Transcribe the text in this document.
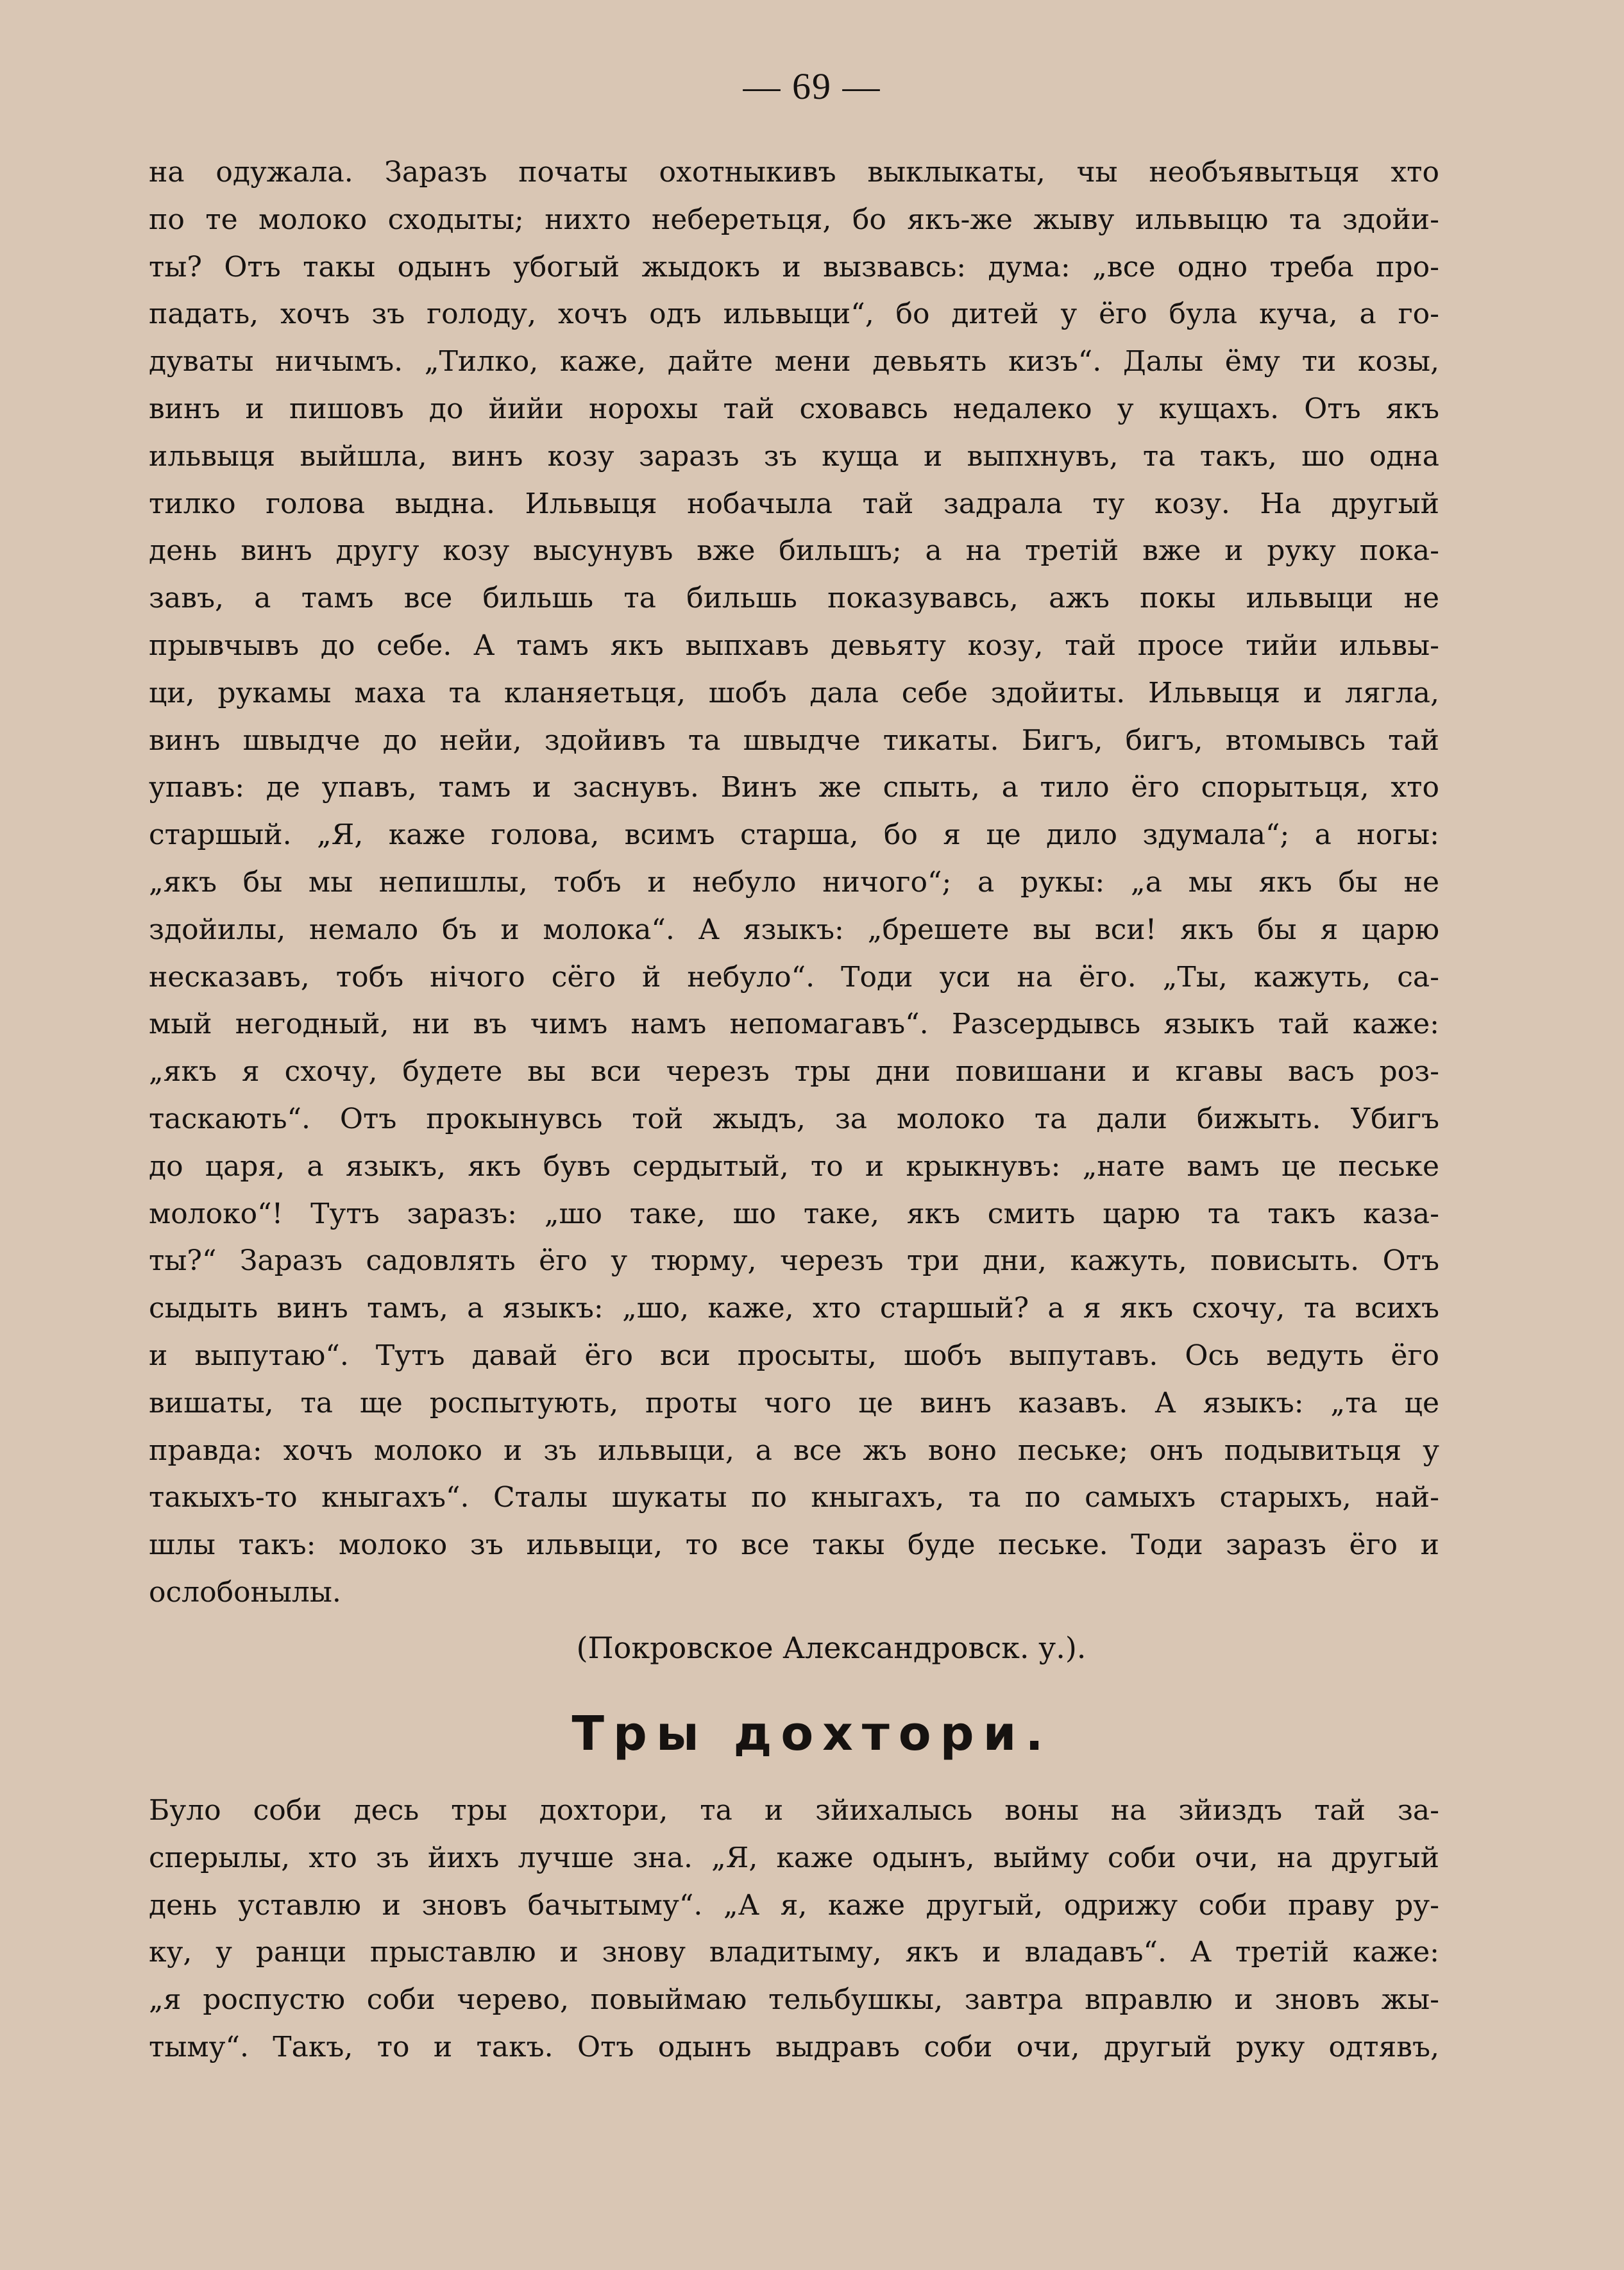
— 69 —
на одужала. Заразъ початы охотныкивъ выклыкаты, чы необъявытьця хто
по те молоко сходыты; нихто неберетьця, бо якъ-же жыву ильвыцю та здойи-
ты? Отъ такы одынъ убогый жыдокъ и вызвавсь: дума: „все одно треба про-
падать, хочъ зъ голоду, хочъ одъ ильвыци“, бо дитей у ёго була куча, а го-
дуваты ничымъ. „Тилко, каже, дайте мени девьять кизъ“. Далы ёму ти козы,
винъ и пишовъ до йийи норохы тай сховавсь недалеко у кущахъ. Отъ якъ
ильвыця выйшла, винъ козу заразъ зъ куща и выпхнувъ, та такъ, шо одна
тилко голова выдна. Ильвыця нобачыла тай задрала ту козу. На другый
день винъ другу козу высунувъ вже бильшъ; а на третій вже и руку пока-
завъ, а тамъ все бильшь та бильшь показувавсь, ажъ покы ильвыци не
прывчывъ до себе. А тамъ якъ выпхавъ девьяту козу, тай просе тийи ильвы-
ци, рукамы маха та кланяетьця, шобъ дала себе здойиты. Ильвыця и лягла,
винъ швыдче до нейи, здойивъ та швыдче тикаты. Бигъ, бигъ, втомывсь тай
упавъ: де упавъ, тамъ и заснувъ. Винъ же спыть, а тило ёго спорытьця, хто
старшый. „Я, каже голова, всимъ старша, бо я це дило здумала“; а ногы:
„якъ бы мы непишлы, тобъ и небуло ничого“; а рукы: „а мы якъ бы не
здойилы, немало бъ и молока“. А языкъ: „брешете вы вси! якъ бы я царю
несказавъ, тобъ нічого сёго й небуло“. Тоди уси на ёго. „Ты, кажуть, са-
мый негодный, ни въ чимъ намъ непомагавъ“. Разсердывсь языкъ тай каже:
„якъ я схочу, будете вы вси черезъ тры дни повишани и кгавы васъ роз-
таскають“. Отъ прокынувсь той жыдъ, за молоко та дали бижыть. Убигъ
до царя, а языкъ, якъ бувъ сердытый, то и крыкнувъ: „нате вамъ це пеське
молоко“! Тутъ заразъ: „шо таке, шо таке, якъ смить царю та такъ каза-
ты?“ Заразъ садовлять ёго у тюрму, черезъ три дни, кажуть, повисыть. Отъ
сыдыть винъ тамъ, а языкъ: „шо, каже, хто старшый? а я якъ схочу, та всихъ
и выпутаю“. Тутъ давай ёго вси просыты, шобъ выпутавъ. Ось ведуть ёго
вишаты, та ще роспытують, проты чого це винъ казавъ. А языкъ: „та це
правда: хочъ молоко и зъ ильвыци, а все жъ воно пеське; онъ подывитьця у
такыхъ-то кныгахъ“. Сталы шукаты по кныгахъ, та по самыхъ старыхъ, най-
шлы такъ: молоко зъ ильвыци, то все такы буде пеське. Тоди заразъ ёго и
ослобонылы.
(Покровское Александровск. у.).
Тры дохтори.
Було соби десь тры дохтори, та и зйихалысь воны на зйиздъ тай за-
сперылы, хто зъ йихъ лучше зна. „Я, каже одынъ, выйму соби очи, на другый
день уставлю и зновъ бачытыму“. „А я, каже другый, одрижу соби праву ру-
ку, у ранци прыставлю и знову владитыму, якъ и владавъ“. А третій каже:
„я роспустю соби черево, повыймаю тельбушкы, завтра вправлю и зновъ жы-
тыму“. Такъ, то и такъ. Отъ одынъ выдравъ соби очи, другый руку одтявъ,
